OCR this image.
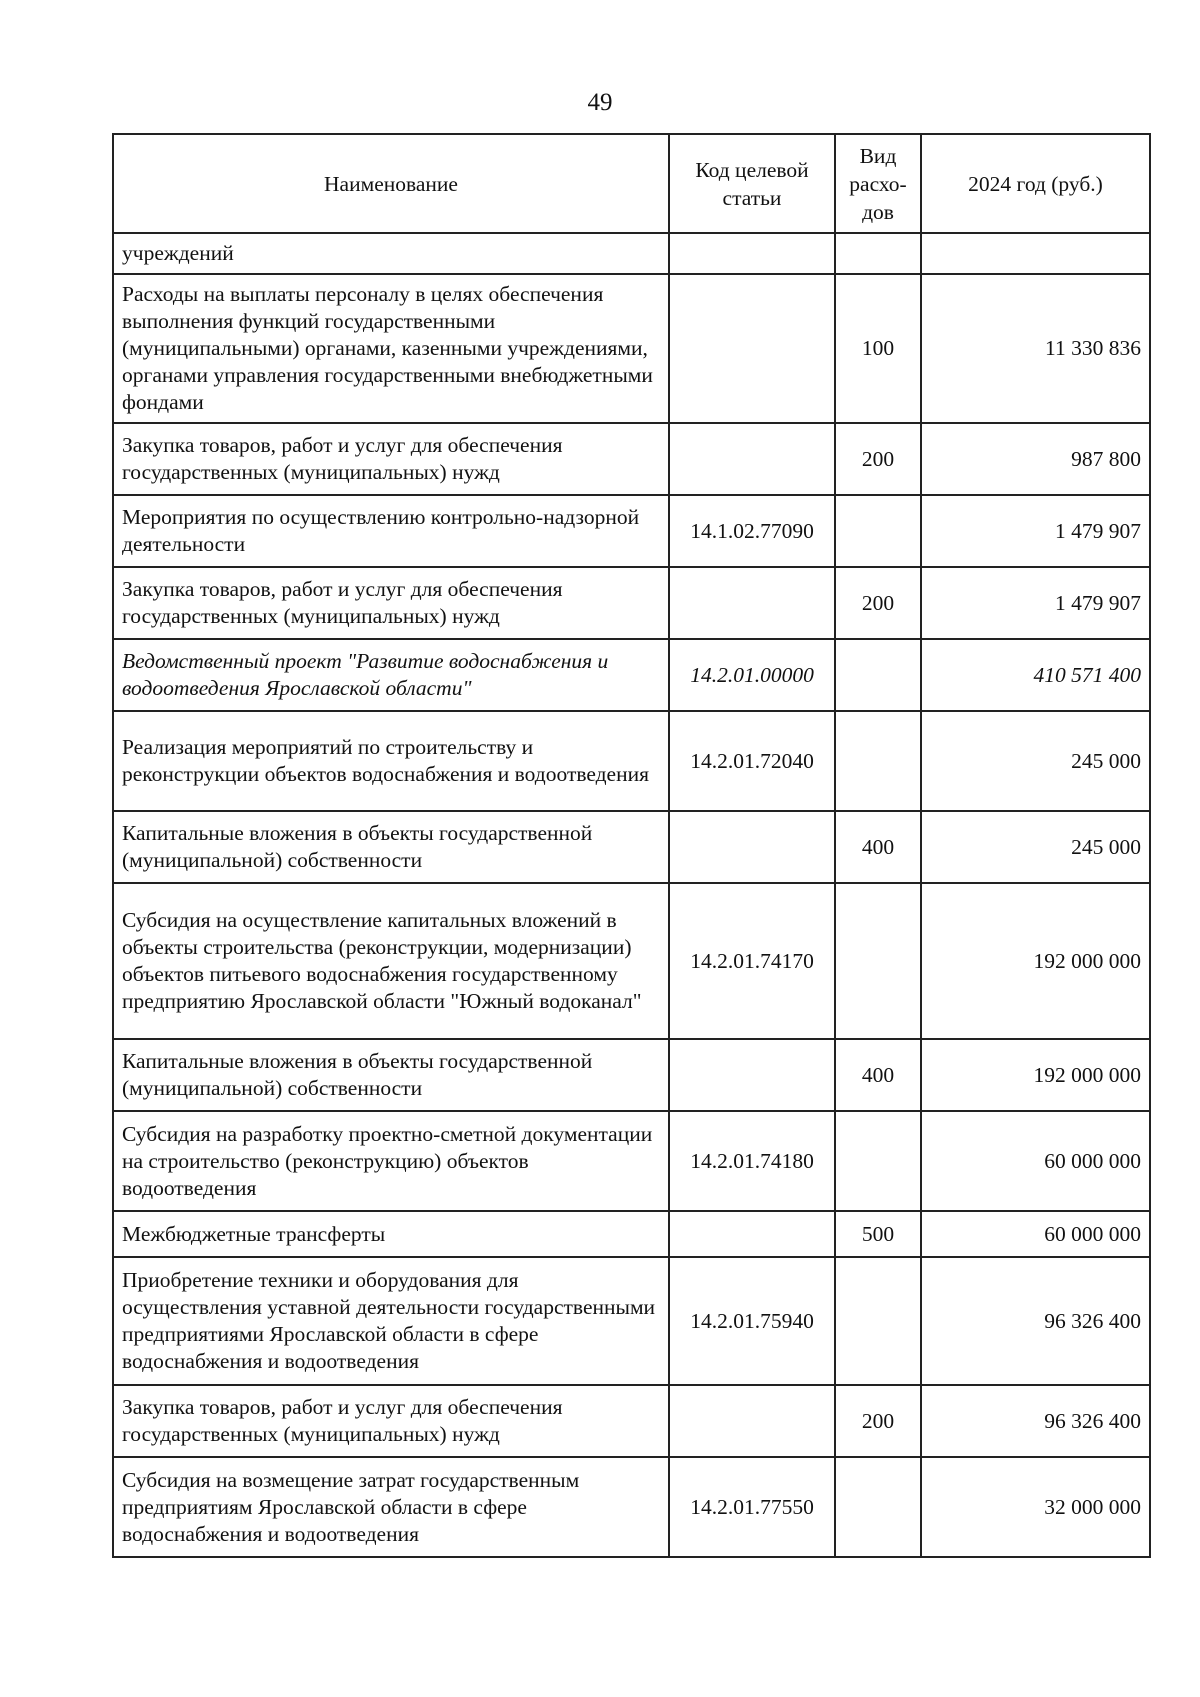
49
Наименование	Код целевой статьи	Вид расхо-дов	2024 год (руб.)
учреждений			
Расходы на выплаты персоналу в целях обеспечения выполнения функций государственными (муниципальными) органами, казенными учреждениями, органами управления государственными внебюджетными фондами		100	11 330 836
Закупка товаров, работ и услуг для обеспечения государственных (муниципальных) нужд		200	987 800
Мероприятия по осуществлению контрольно-надзорной деятельности	14.1.02.77090		1 479 907
Закупка товаров, работ и услуг для обеспечения государственных (муниципальных) нужд		200	1 479 907
Ведомственный проект "Развитие водоснабжения и водоотведения Ярославской области"	14.2.01.00000		410 571 400
Реализация мероприятий по строительству и реконструкции объектов водоснабжения и водоотведения	14.2.01.72040		245 000
Капитальные вложения в объекты государственной (муниципальной) собственности		400	245 000
Субсидия на осуществление капитальных вложений в объекты строительства (реконструкции, модернизации) объектов питьевого водоснабжения государственному предприятию Ярославской области "Южный водоканал"	14.2.01.74170		192 000 000
Капитальные вложения в объекты государственной (муниципальной) собственности		400	192 000 000
Субсидия на разработку проектно-сметной документации на строительство (реконструкцию) объектов водоотведения	14.2.01.74180		60 000 000
Межбюджетные трансферты		500	60 000 000
Приобретение техники и оборудования для осуществления уставной деятельности государственными предприятиями Ярославской области в сфере водоснабжения и водоотведения	14.2.01.75940		96 326 400
Закупка товаров, работ и услуг для обеспечения государственных (муниципальных) нужд		200	96 326 400
Субсидия на возмещение затрат государственным предприятиям Ярославской области в сфере водоснабжения и водоотведения	14.2.01.77550		32 000 000
